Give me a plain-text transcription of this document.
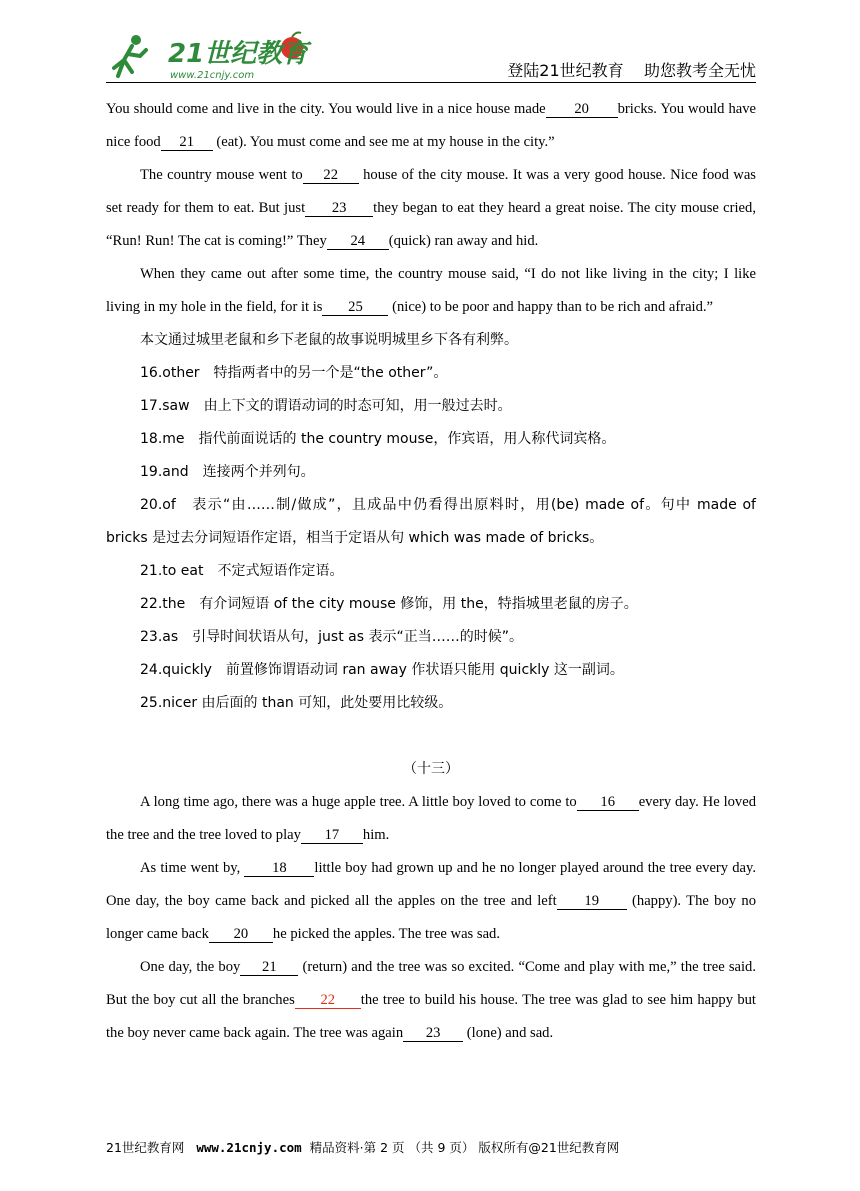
21世纪教育
www.21cnjy.com	登陆21世纪教育    助您教考全无忧

You should come and live in the city. You would live in a nice house made 20 bricks. You would have nice food 21 (eat). You must come and see me at my house in the city.”

The country mouse went to 22 house of the city mouse. It was a very good house. Nice food was set ready for them to eat. But just 23 they began to eat they heard a great noise. The city mouse cried, “Run! Run! The cat is coming!” They 24 (quick) ran away and hid.

When they came out after some time, the country mouse said, “I do not like living in the city; I like living in my hole in the field, for it is 25 (nice) to be poor and happy than to be rich and afraid.”

本文通过城里老鼠和乡下老鼠的故事说明城里乡下各有利弊。

16.other　特指两者中的另一个是“the other”。

17.saw　由上下文的谓语动词的时态可知，用一般过去时。

18.me　指代前面说话的 the country mouse，作宾语，用人称代词宾格。

19.and　连接两个并列句。

20.of　表示“由……制/做成”，且成品中仍看得出原料时，用(be) made of。句中 made of bricks 是过去分词短语作定语，相当于定语从句 which was made of bricks。

21.to eat　不定式短语作定语。

22.the　有介词短语 of the city mouse 修饰，用 the，特指城里老鼠的房子。

23.as　引导时间状语从句，just as 表示“正当……的时候”。

24.quickly　前置修饰谓语动词 ran away 作状语只能用 quickly 这一副词。

25.nicer 由后面的 than 可知，此处要用比较级。

（十三）

A long time ago, there was a huge apple tree. A little boy loved to come to 16 every day. He loved the tree and the tree loved to play 17 him.

As time went by, 18 little boy had grown up and he no longer played around the tree every day. One day, the boy came back and picked all the apples on the tree and left 19 (happy). The boy no longer came back 20 he picked the apples. The tree was sad.

One day, the boy 21 (return) and the tree was so excited. “Come and play with me,” the tree said. But the boy cut all the branches 22 the tree to build his house. The tree was glad to see him happy but the boy never came back again. The tree was again 23 (lone) and sad.

21世纪教育网 www.21cnjy.com 精品资料·第 2 页 （共 9 页） 版权所有@21世纪教育网
